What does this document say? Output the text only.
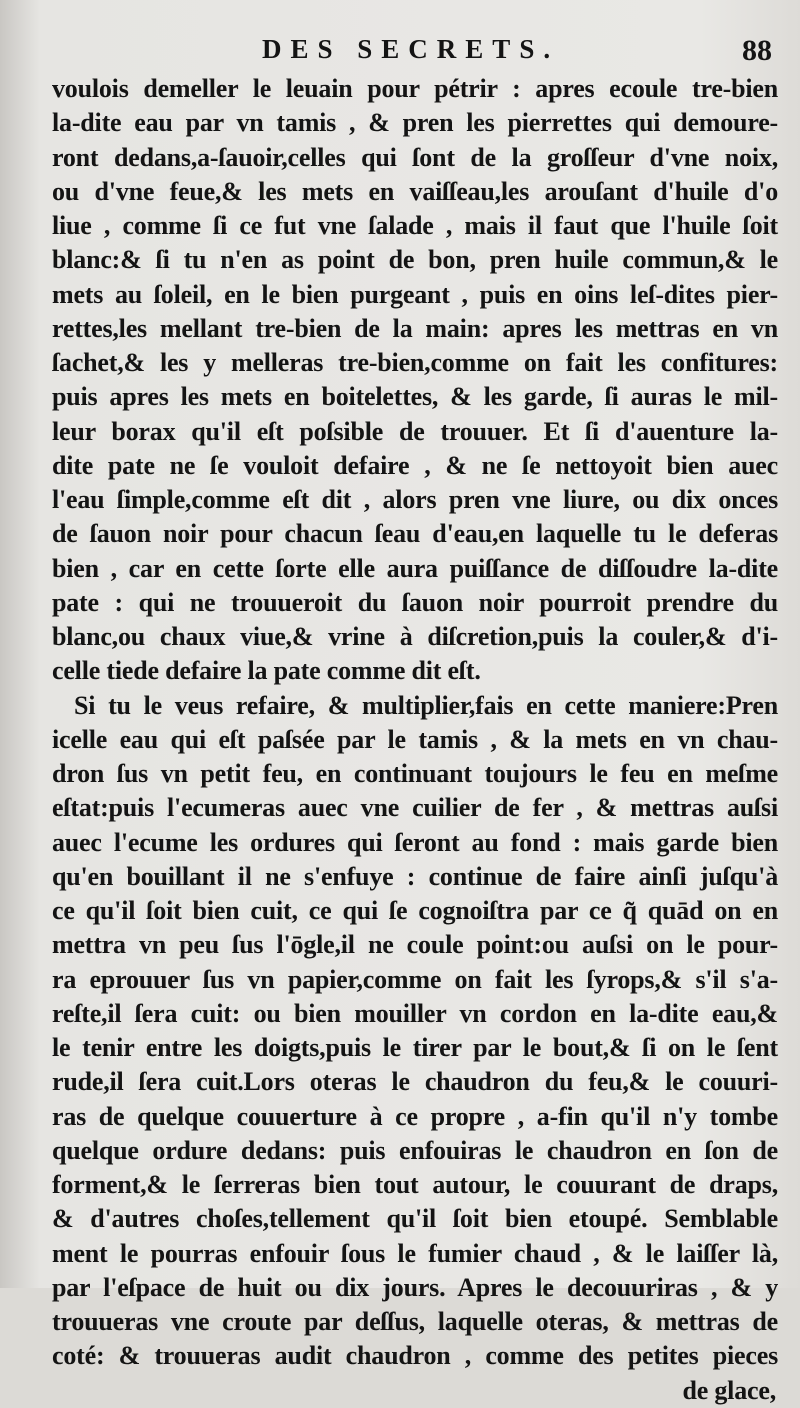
DES SECRETS.	88
voulois demeller le leuain pour pétrir : apres ecoule tre-bien
la-dite eau par vn tamis , & pren les pierrettes qui demoure-
ront dedans,a-ſauoir,celles qui ſont de la groſſeur d'vne noix,
ou d'vne feue,& les mets en vaiſſeau,les arouſant d'huile d'o
liue , comme ſi ce fut vne ſalade , mais il faut que l'huile ſoit
blanc:& ſi tu n'en as point de bon, pren huile commun,& le
mets au ſoleil, en le bien purgeant , puis en oins leſ-dites pier-
rettes,les mellant tre-bien de la main: apres les mettras en vn
ſachet,& les y melleras tre-bien,comme on fait les confitures:
puis apres les mets en boitelettes, & les garde, ſi auras le mil-
leur borax qu'il eſt poſsible de trouuer. Et ſi d'auenture la-
dite pate ne ſe vouloit defaire , & ne ſe nettoyoit bien auec
l'eau ſimple,comme eſt dit , alors pren vne liure, ou dix onces
de ſauon noir pour chacun ſeau d'eau,en laquelle tu le deferas
bien , car en cette ſorte elle aura puiſſance de diſſoudre la-dite
pate : qui ne trouueroit du ſauon noir pourroit prendre du
blanc,ou chaux viue,& vrine à diſcretion,puis la couler,& d'i-
celle tiede defaire la pate comme dit eſt.
Si tu le veus refaire, & multiplier,fais en cette maniere:Pren
icelle eau qui eſt paſsée par le tamis , & la mets en vn chau-
dron ſus vn petit feu, en continuant toujours le feu en meſme
eſtat:puis l'ecumeras auec vne cuilier de fer , & mettras auſsi
auec l'ecume les ordures qui ſeront au fond : mais garde bien
qu'en bouillant il ne s'enfuye : continue de faire ainſi juſqu'à
ce qu'il ſoit bien cuit, ce qui ſe cognoiſtra par ce q̃ quād on en
mettra vn peu ſus l'ōgle,il ne coule point:ou auſsi on le pour-
ra eprouuer ſus vn papier,comme on fait les ſyrops,& s'il s'a-
reſte,il ſera cuit: ou bien mouiller vn cordon en la-dite eau,&
le tenir entre les doigts,puis le tirer par le bout,& ſi on le ſent
rude,il ſera cuit.Lors oteras le chaudron du feu,& le couuri-
ras de quelque couuerture à ce propre , a-fin qu'il n'y tombe
quelque ordure dedans: puis enfouiras le chaudron en ſon de
forment,& le ſerreras bien tout autour, le couurant de draps,
& d'autres choſes,tellement qu'il ſoit bien etoupé. Semblable
ment le pourras enfouir ſous le fumier chaud , & le laiſſer là,
par l'eſpace de huit ou dix jours. Apres le decouuriras , & y
trouueras vne croute par deſſus, laquelle oteras, & mettras de
coté: & trouueras audit chaudron , comme des petites pieces
de glace,
